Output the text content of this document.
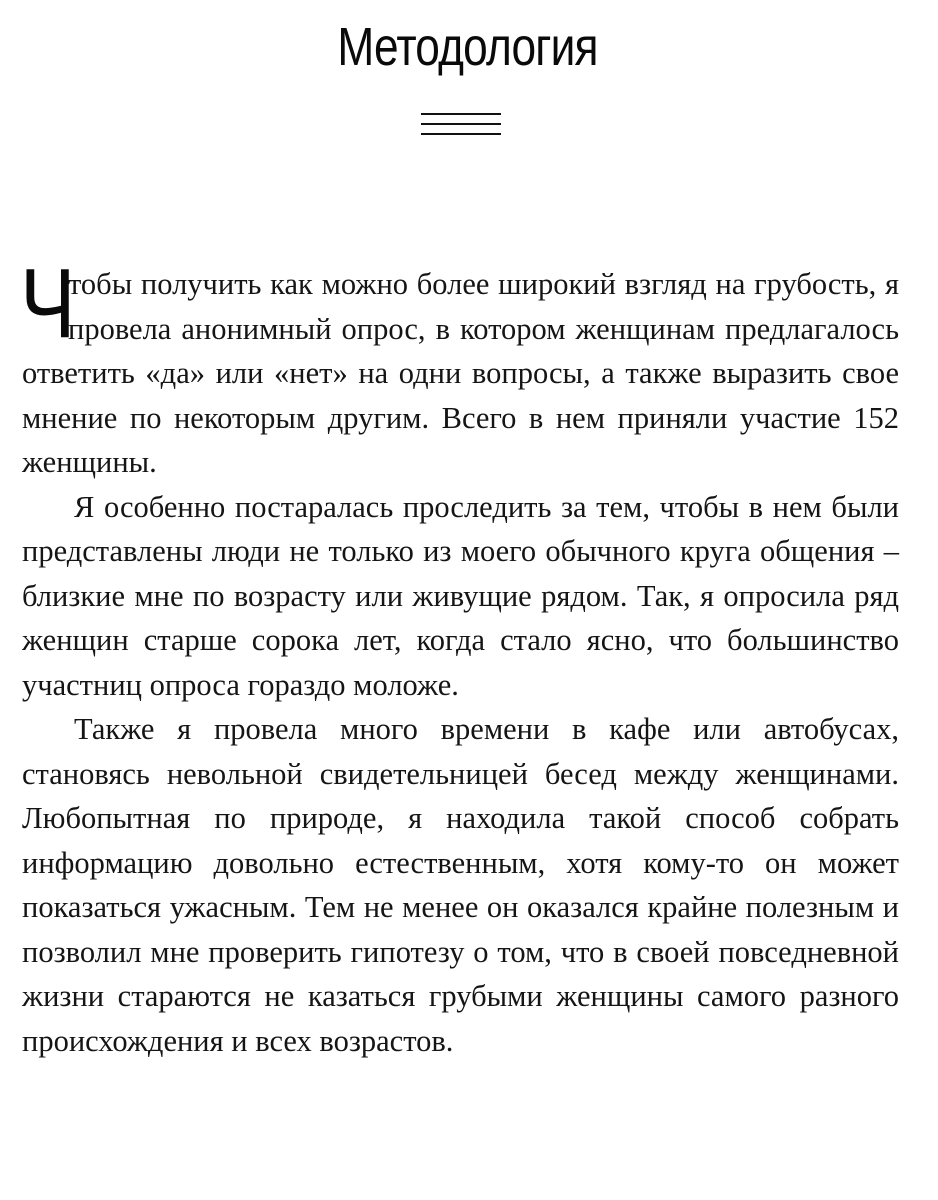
Методология

Ч
тобы получить как можно более широкий взгляд на грубость, я провела анонимный опрос, в котором женщинам предлагалось ответить «да» или «нет» на одни вопросы, а также выразить свое мнение по некоторым другим. Всего в нем приняли участие 152 женщины.

Я особенно постаралась проследить за тем, чтобы в нем были представлены люди не только из моего обычного круга общения – близкие мне по возрасту или живущие рядом. Так, я опросила ряд женщин старше сорока лет, когда стало ясно, что большинство участниц опроса гораздо моложе.

Также я провела много времени в кафе или автобусах, становясь невольной свидетельницей бесед между женщинами. Любопытная по природе, я находила такой способ собрать информацию довольно естественным, хотя кому-то он может показаться ужасным. Тем не менее он оказался крайне полезным и позволил мне проверить гипотезу о том, что в своей повседневной жизни стараются не казаться грубыми женщины самого разного происхождения и всех возрастов.
